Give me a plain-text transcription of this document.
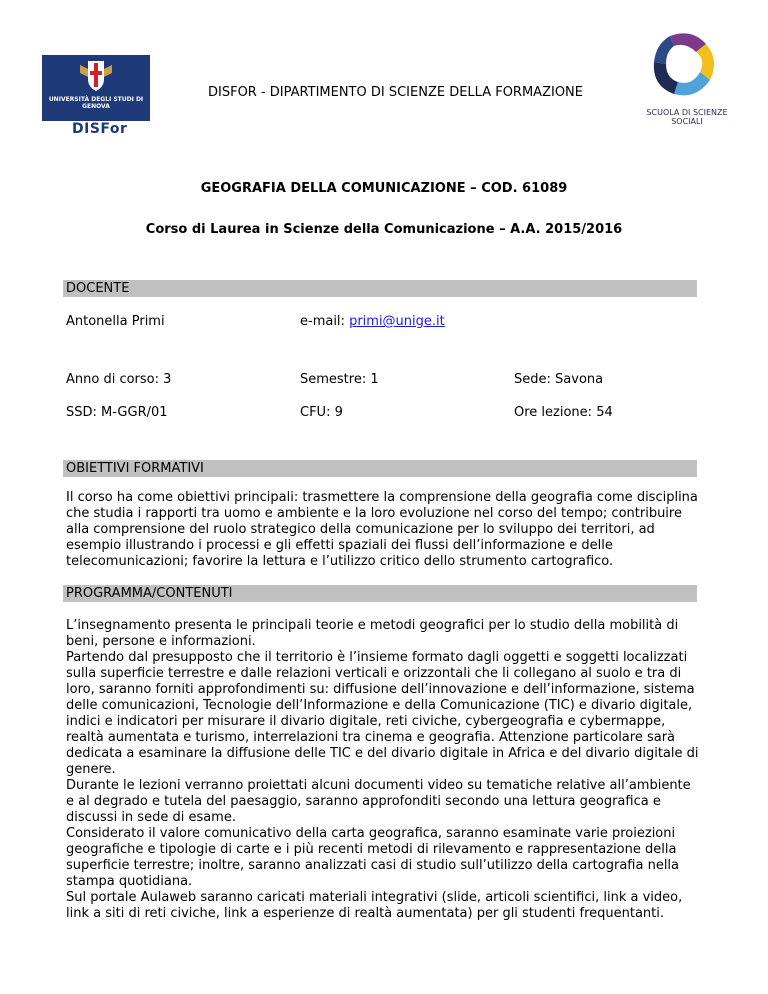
UNIVERSITÀ DEGLI STUDI DI GENOVA
DISFor
DISFOR - DIPARTIMENTO DI SCIENZE DELLA FORMAZIONE
SCUOLA DI SCIENZE SOCIALI
GEOGRAFIA DELLA COMUNICAZIONE – COD. 61089
Corso di Laurea in Scienze della Comunicazione – A.A. 2015/2016
DOCENTE
Antonella Primi	e-mail: primi@unige.it
Anno di corso: 3	Semestre: 1	Sede: Savona
SSD: M-GGR/01	CFU: 9	Ore lezione: 54
OBIETTIVI FORMATIVI

Il corso ha come obiettivi principali: trasmettere la comprensione della geografia come disciplina che studia i rapporti tra uomo e ambiente e la loro evoluzione nel corso del tempo; contribuire alla comprensione del ruolo strategico della comunicazione per lo sviluppo dei territori, ad esempio illustrando i processi e gli effetti spaziali dei flussi dell’informazione e delle telecomunicazioni; favorire la lettura e l’utilizzo critico dello strumento cartografico.

PROGRAMMA/CONTENUTI

L’insegnamento presenta le principali teorie e metodi geografici per lo studio della mobilità di beni, persone e informazioni.

Partendo dal presupposto che il territorio è l’insieme formato dagli oggetti e soggetti localizzati sulla superficie terrestre e dalle relazioni verticali e orizzontali che li collegano al suolo e tra di loro, saranno forniti approfondimenti su: diffusione dell’innovazione e dell’informazione, sistema delle comunicazioni, Tecnologie dell’Informazione e della Comunicazione (TIC) e divario digitale, indici e indicatori per misurare il divario digitale, reti civiche, cybergeografia e cybermappe, realtà aumentata e turismo, interrelazioni tra cinema e geografia. Attenzione particolare sarà dedicata a esaminare la diffusione delle TIC e del divario digitale in Africa e del divario digitale di genere.

Durante le lezioni verranno proiettati alcuni documenti video su tematiche relative all’ambiente e al degrado e tutela del paesaggio, saranno approfonditi secondo una lettura geografica e discussi in sede di esame.

Considerato il valore comunicativo della carta geografica, saranno esaminate varie proiezioni geografiche e tipologie di carte e i più recenti metodi di rilevamento e rappresentazione della superficie terrestre; inoltre, saranno analizzati casi di studio sull’utilizzo della cartografia nella stampa quotidiana.

Sul portale Aulaweb saranno caricati materiali integrativi (slide, articoli scientifici, link a video, link a siti di reti civiche, link a esperienze di realtà aumentata) per gli studenti frequentanti.
